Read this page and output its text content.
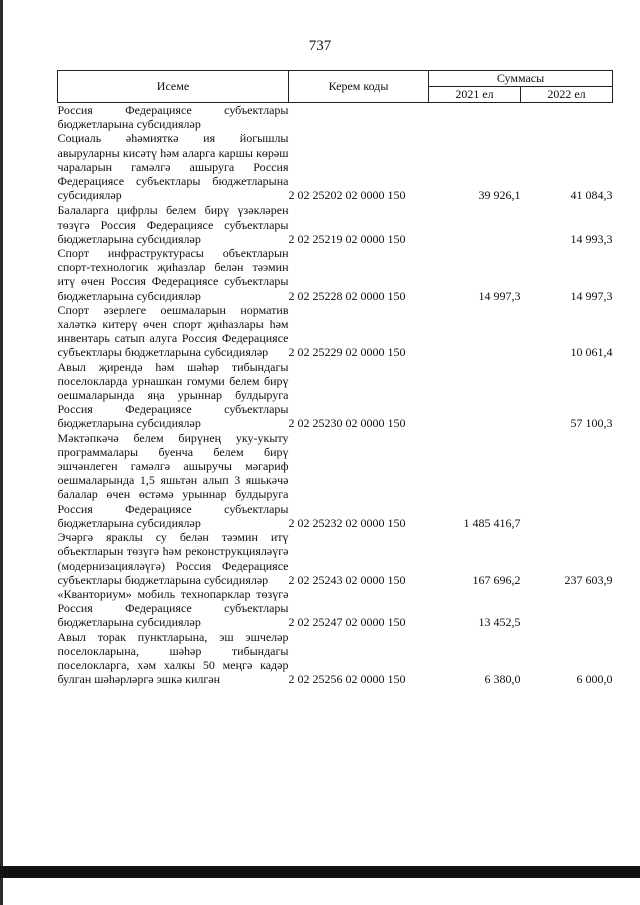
737
Исеме	Керем коды	Суммасы	
		2021 ел	2022 ел
Россия Федерациясе субъектлары бюджетларына субсидияләр			
Социаль әһәмияткә ия йогышлы авыруларны кисәтү һәм аларга каршы көрәш чараларын гамәлгә ашыруга Россия Федерациясе субъектлары бюджетларына субсидияләр	2 02 25202 02 0000 150	39 926,1	41 084,3
Балаларга цифрлы белем бирү үзәкләрен төзүгә Россия Федерациясе субъектлары бюджетларына субсидияләр	2 02 25219 02 0000 150		14 993,3
Спорт инфраструктурасы объектларын спорт-технологик җиһазлар белән тәэмин итү өчен Россия Федерациясе субъектлары бюджетларына субсидияләр	2 02 25228 02 0000 150	14 997,3	14 997,3
Спорт әзерлеге оешмаларын норматив халәткә китерү өчен спорт җиһазлары һәм инвентарь сатып алуга Россия Федерациясе субъектлары бюджетларына субсидияләр	2 02 25229 02 0000 150		10 061,4
Авыл җирендә һәм шәһәр тибындагы поселокларда урнашкан гомуми белем бирү оешмаларында яңа урыннар булдыруга Россия Федерациясе субъектлары бюджетларына субсидияләр	2 02 25230 02 0000 150		57 100,3
Мәктәпкәчә белем бирүнең уку-укыту программалары буенча белем бирү эшчәнлеген гамәлгә ашыручы мәгариф оешмаларында 1,5 яшьтән алып 3 яшькәчә балалар өчен өстәмә урыннар булдыруга Россия Федерациясе субъектлары бюджетларына субсидияләр	2 02 25232 02 0000 150	1 485 416,7	
Эчәргә яраклы су белән тәэмин итү объектларын төзүгә һәм реконструкцияләүгә (модернизацияләүгә) Россия Федерациясе субъектлары бюджетларына субсидияләр	2 02 25243 02 0000 150	167 696,2	237 603,9
«Кванториум» мобиль технопарклар төзүгә Россия Федерациясе субъектлары бюджетларына субсидияләр	2 02 25247 02 0000 150	13 452,5	
Авыл торак пунктларына, эш эшчеләр поселокларына, шәһәр тибындагы поселокларга, хәм халкы 50 меңгә кадәр булган шәһәрләргә эшкә килгән	2 02 25256 02 0000 150	6 380,0	6 000,0
